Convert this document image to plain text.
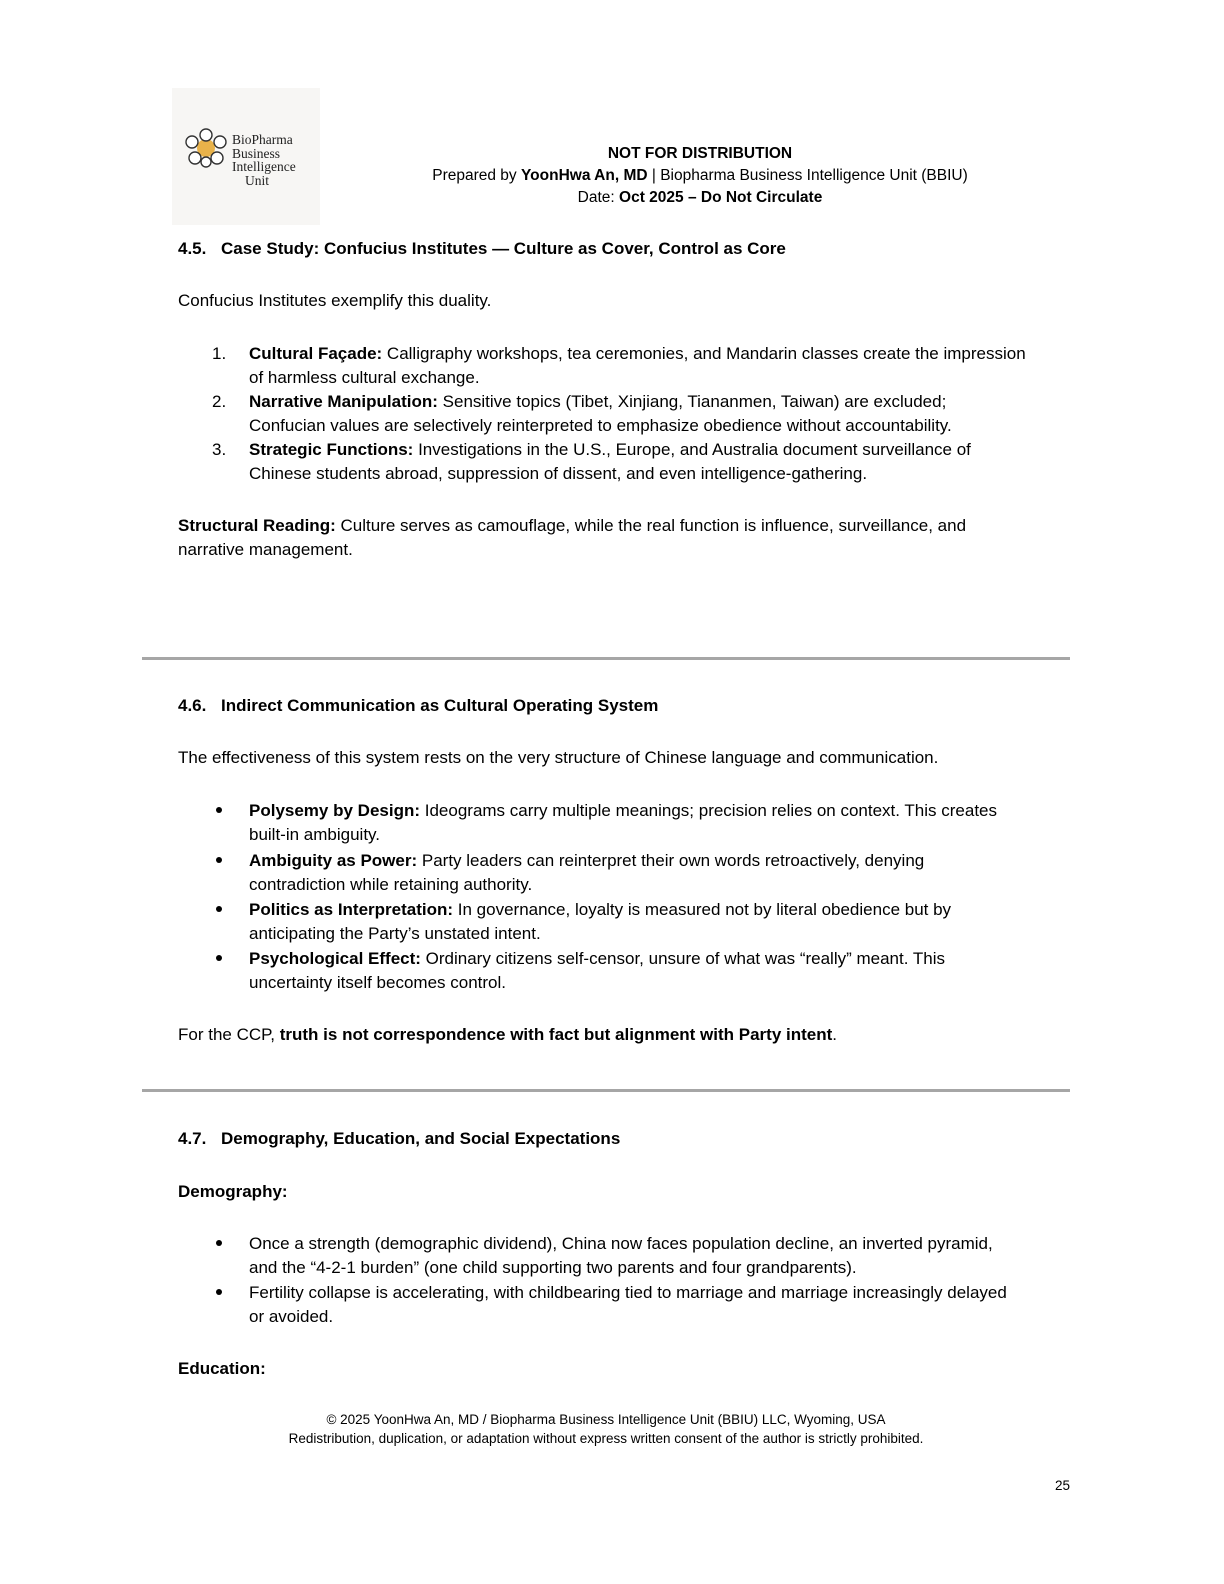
BioPharma
Business
Intelligence
Unit
NOT FOR DISTRIBUTION
Prepared by YoonHwa An, MD | Biopharma Business Intelligence Unit (BBIU)
Date: Oct 2025 – Do Not Circulate
4.5. Case Study: Confucius Institutes — Culture as Cover, Control as Core
Confucius Institutes exemplify this duality.
1.	Cultural Façade: Calligraphy workshops, tea ceremonies, and Mandarin classes create the impression
of harmless cultural exchange.
2.	Narrative Manipulation: Sensitive topics (Tibet, Xinjiang, Tiananmen, Taiwan) are excluded;
Confucian values are selectively reinterpreted to emphasize obedience without accountability.
3.	Strategic Functions: Investigations in the U.S., Europe, and Australia document surveillance of
Chinese students abroad, suppression of dissent, and even intelligence-gathering.
Structural Reading: Culture serves as camouflage, while the real function is influence, surveillance, and
narrative management.
4.6. Indirect Communication as Cultural Operating System
The effectiveness of this system rests on the very structure of Chinese language and communication.
Polysemy by Design: Ideograms carry multiple meanings; precision relies on context. This creates
built-in ambiguity.
Ambiguity as Power: Party leaders can reinterpret their own words retroactively, denying
contradiction while retaining authority.
Politics as Interpretation: In governance, loyalty is measured not by literal obedience but by
anticipating the Party’s unstated intent.
Psychological Effect: Ordinary citizens self-censor, unsure of what was “really” meant. This
uncertainty itself becomes control.
For the CCP, truth is not correspondence with fact but alignment with Party intent.
4.7. Demography, Education, and Social Expectations
Demography:
Once a strength (demographic dividend), China now faces population decline, an inverted pyramid,
and the “4-2-1 burden” (one child supporting two parents and four grandparents).
Fertility collapse is accelerating, with childbearing tied to marriage and marriage increasingly delayed
or avoided.
Education:
© 2025 YoonHwa An, MD / Biopharma Business Intelligence Unit (BBIU) LLC, Wyoming, USA
Redistribution, duplication, or adaptation without express written consent of the author is strictly prohibited.
25
